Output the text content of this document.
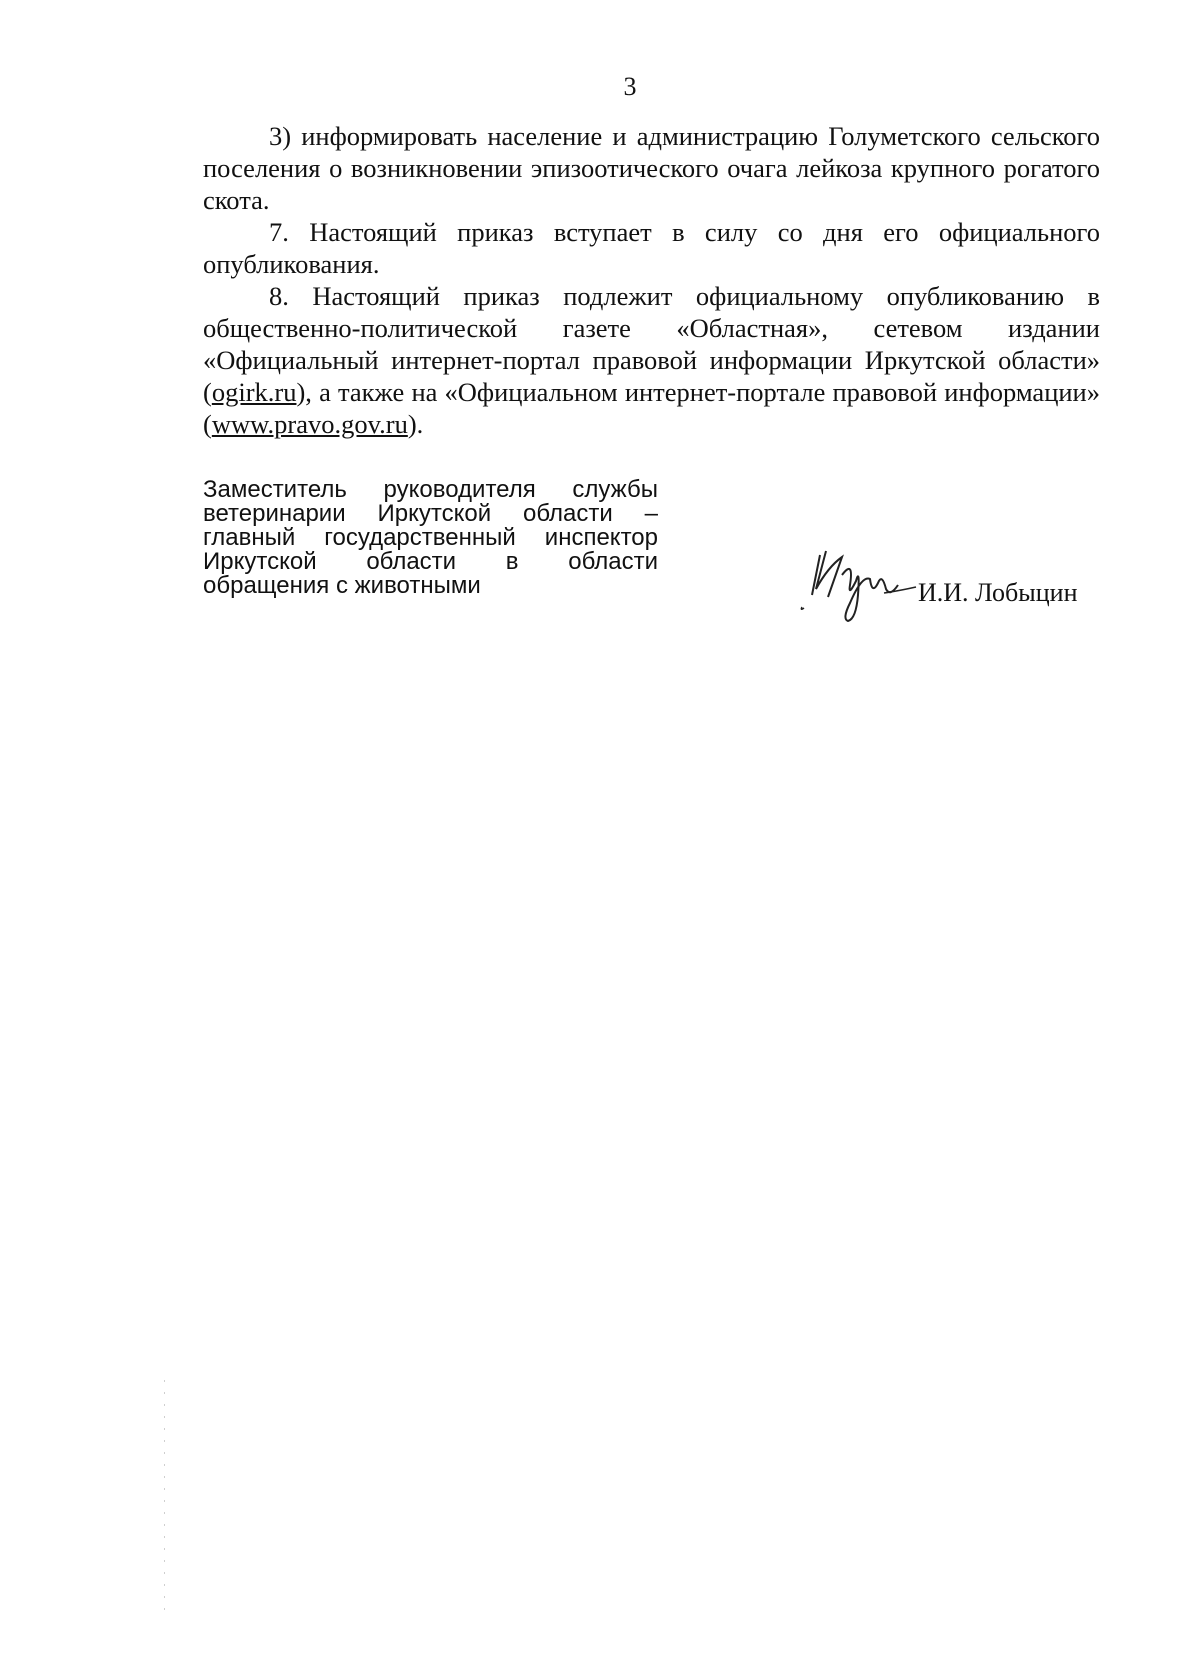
3

3) информировать население и администрацию Голуметского сельского поселения о возникновении эпизоотического очага лейкоза крупного рогатого скота.

7. Настоящий приказ вступает в силу со дня его официального опубликования.

8. Настоящий приказ подлежит официальному опубликованию в общественно-политической газете «Областная», сетевом издании «Официальный интернет-портал правовой информации Иркутской области» (ogirk.ru), а также на «Официальном интернет-портале правовой информации» (www.pravo.gov.ru).

Заместитель руководителя службы
ветеринарии Иркутской области –
главный государственный инспектор
Иркутской области в области
обращения с животными	И.И. Лобыцин
